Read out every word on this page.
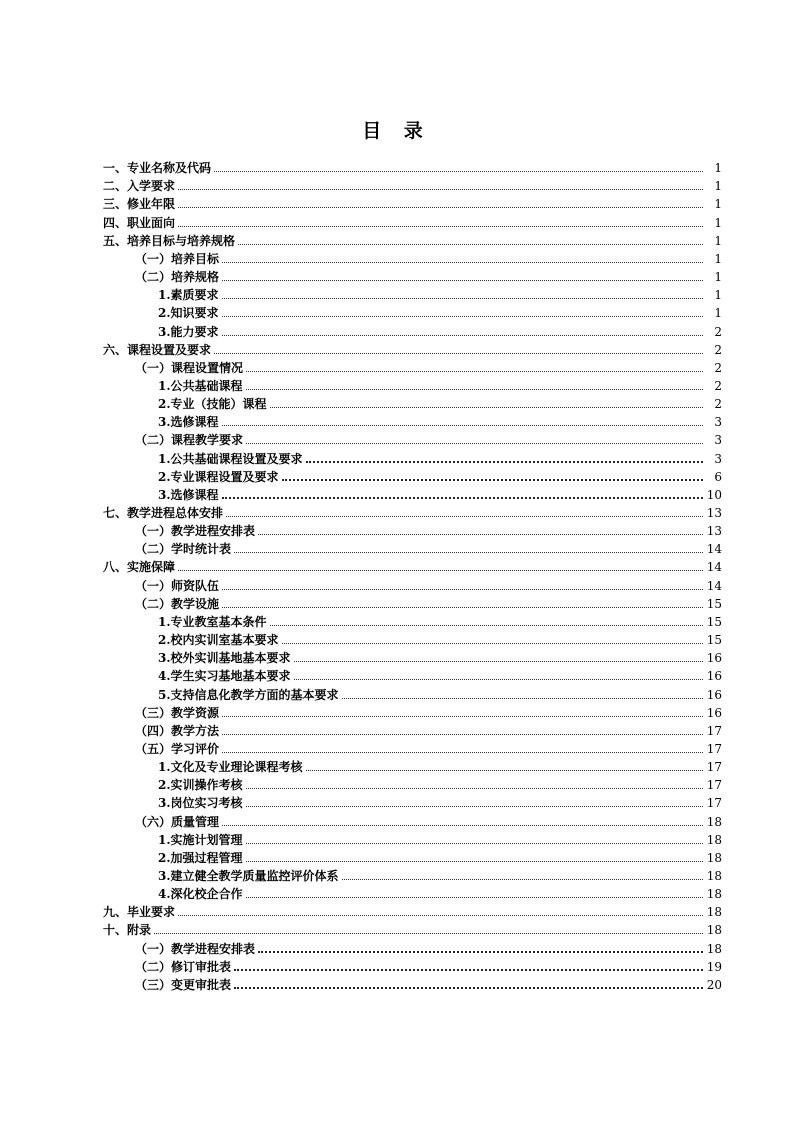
目 录
一、专业名称及代码	1
二、入学要求	1
三、修业年限	1
四、职业面向	1
五、培养目标与培养规格	1
（一）培养目标	1
（二）培养规格	1
1.素质要求	1
2.知识要求	1
3.能力要求	2
六、课程设置及要求	2
（一）课程设置情况	2
1.公共基础课程	2
2.专业（技能）课程	2
3.选修课程	3
（二）课程教学要求	3
1.公共基础课程设置及要求	3
2.专业课程设置及要求	6
3.选修课程	10
七、教学进程总体安排	13
（一）教学进程安排表	13
（二）学时统计表	14
八、实施保障	14
（一）师资队伍	14
（二）教学设施	15
1.专业教室基本条件	15
2.校内实训室基本要求	15
3.校外实训基地基本要求	16
4.学生实习基地基本要求	16
5.支持信息化教学方面的基本要求	16
（三）教学资源	16
（四）教学方法	17
（五）学习评价	17
1.文化及专业理论课程考核	17
2.实训操作考核	17
3.岗位实习考核	17
（六）质量管理	18
1.实施计划管理	18
2.加强过程管理	18
3.建立健全教学质量监控评价体系	18
4.深化校企合作	18
九、毕业要求	18
十、附录	18
（一）教学进程安排表	18
（二）修订审批表	19
（三）变更审批表	20
